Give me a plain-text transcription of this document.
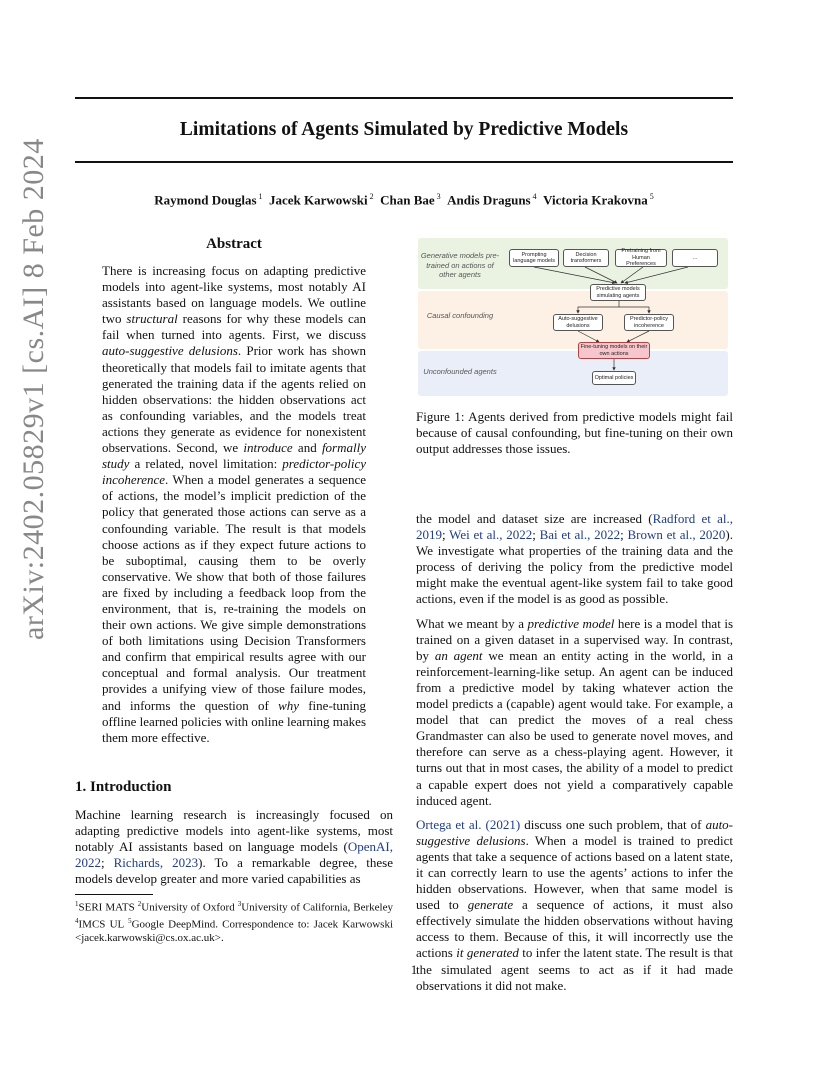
Limitations of Agents Simulated by Predictive Models
Raymond Douglas $^1$  Jacek Karwowski $^2$  Chan Bae $^3$  Andis Draguns $^4$  Victoria Krakovna $^5$
arXiv:2402.05829v1 [cs.AI] 8 Feb 2024	Abstract

There is increasing focus on adapting predictive models into agent-like systems, most notably AI assistants based on language models. We outline two structural reasons for why these models can fail when turned into agents. First, we discuss auto-suggestive delusions. Prior work has shown theoretically that models fail to imitate agents that generated the training data if the agents relied on hidden observations: the hidden observations act as confounding variables, and the models treat actions they generate as evidence for nonexistent observations. Second, we introduce and formally study a related, novel limitation: predictor-policy incoherence. When a model generates a sequence of actions, the model’s implicit prediction of the policy that generated those actions can serve as a confounding variable. The result is that models choose actions as if they expect future actions to be suboptimal, causing them to be overly conservative. We show that both of those failures are fixed by including a feedback loop from the environment, that is, re-training the models on their own actions. We give simple demonstrations of both limitations using Decision Transformers and confirm that empirical results agree with our conceptual and formal analysis. Our treatment provides a unifying view of those failure modes, and informs the question of why fine-tuning offline learned policies with online learning makes them more effective.

1. Introduction

Machine learning research is increasingly focused on adapting predictive models into agent-like systems, most notably AI assistants based on language models (OpenAI, 2022; Richards, 2023). To a remarkable degree, these models develop greater and more varied capabilities as

$^1$SERI MATS $^2$University of Oxford $^3$University of California, Berkeley $^4$IMCS UL $^5$Google DeepMind. Correspondence to: Jacek Karwowski <jacek.karwowski@cs.ox.ac.uk>.
Generative models pre-trained on actions of other agents
Causal confounding
Unconfounded agents
Prompting language models
Decision transformers
Pretraining from Human Preferences
...
Predictive models simulating agents
Auto-suggestive delusions
Predictor-policy incoherence
Fine-tuning models on their own actions
Optimal policies

Figure 1: Agents derived from predictive models might fail because of causal confounding, but fine-tuning on their own output addresses those issues.

the model and dataset size are increased (Radford et al., 2019; Wei et al., 2022; Bai et al., 2022; Brown et al., 2020). We investigate what properties of the training data and the process of deriving the policy from the predictive model might make the eventual agent-like system fail to take good actions, even if the model is as good as possible.

What we meant by a predictive model here is a model that is trained on a given dataset in a supervised way. In contrast, by an agent we mean an entity acting in the world, in a reinforcement-learning-like setup. An agent can be induced from a predictive model by taking whatever action the model predicts a (capable) agent would take. For example, a model that can predict the moves of a real chess Grandmaster can also be used to generate novel moves, and therefore can serve as a chess-playing agent. However, it turns out that in most cases, the ability of a model to predict a capable expert does not yield a comparatively capable induced agent.

Ortega et al. (2021) discuss one such problem, that of auto-suggestive delusions. When a model is trained to predict agents that take a sequence of actions based on a latent state, it can correctly learn to use the agents’ actions to infer the hidden observations. However, when that same model is used to generate a sequence of actions, it must also effectively simulate the hidden observations without having access to them. Because of this, it will incorrectly use the actions it generated to infer the latent state. The result is that the simulated agent seems to act as if it had made observations it did not make.

1
